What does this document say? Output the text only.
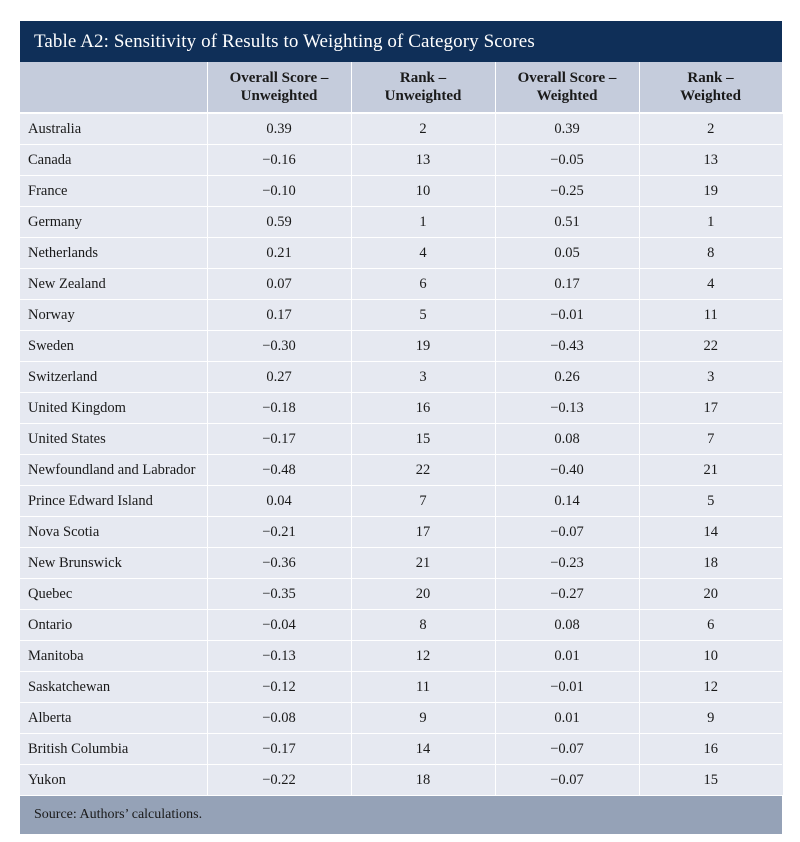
Table A2: Sensitivity of Results to Weighting of Category Scores

	Overall Score –
Unweighted	Rank –
Unweighted	Overall Score –
Weighted	Rank –
Weighted

Australia	0.39	2	0.39	2
Canada	−0.16	13	−0.05	13
France	−0.10	10	−0.25	19
Germany	0.59	1	0.51	1
Netherlands	0.21	4	0.05	8
New Zealand	0.07	6	0.17	4
Norway	0.17	5	−0.01	11
Sweden	−0.30	19	−0.43	22
Switzerland	0.27	3	0.26	3
United Kingdom	−0.18	16	−0.13	17
United States	−0.17	15	0.08	7
Newfoundland and Labrador	−0.48	22	−0.40	21
Prince Edward Island	0.04	7	0.14	5
Nova Scotia	−0.21	17	−0.07	14
New Brunswick	−0.36	21	−0.23	18
Quebec	−0.35	20	−0.27	20
Ontario	−0.04	8	0.08	6
Manitoba	−0.13	12	0.01	10
Saskatchewan	−0.12	11	−0.01	12
Alberta	−0.08	9	0.01	9
British Columbia	−0.17	14	−0.07	16
Yukon	−0.22	18	−0.07	15
Source: Authors’ calculations.
